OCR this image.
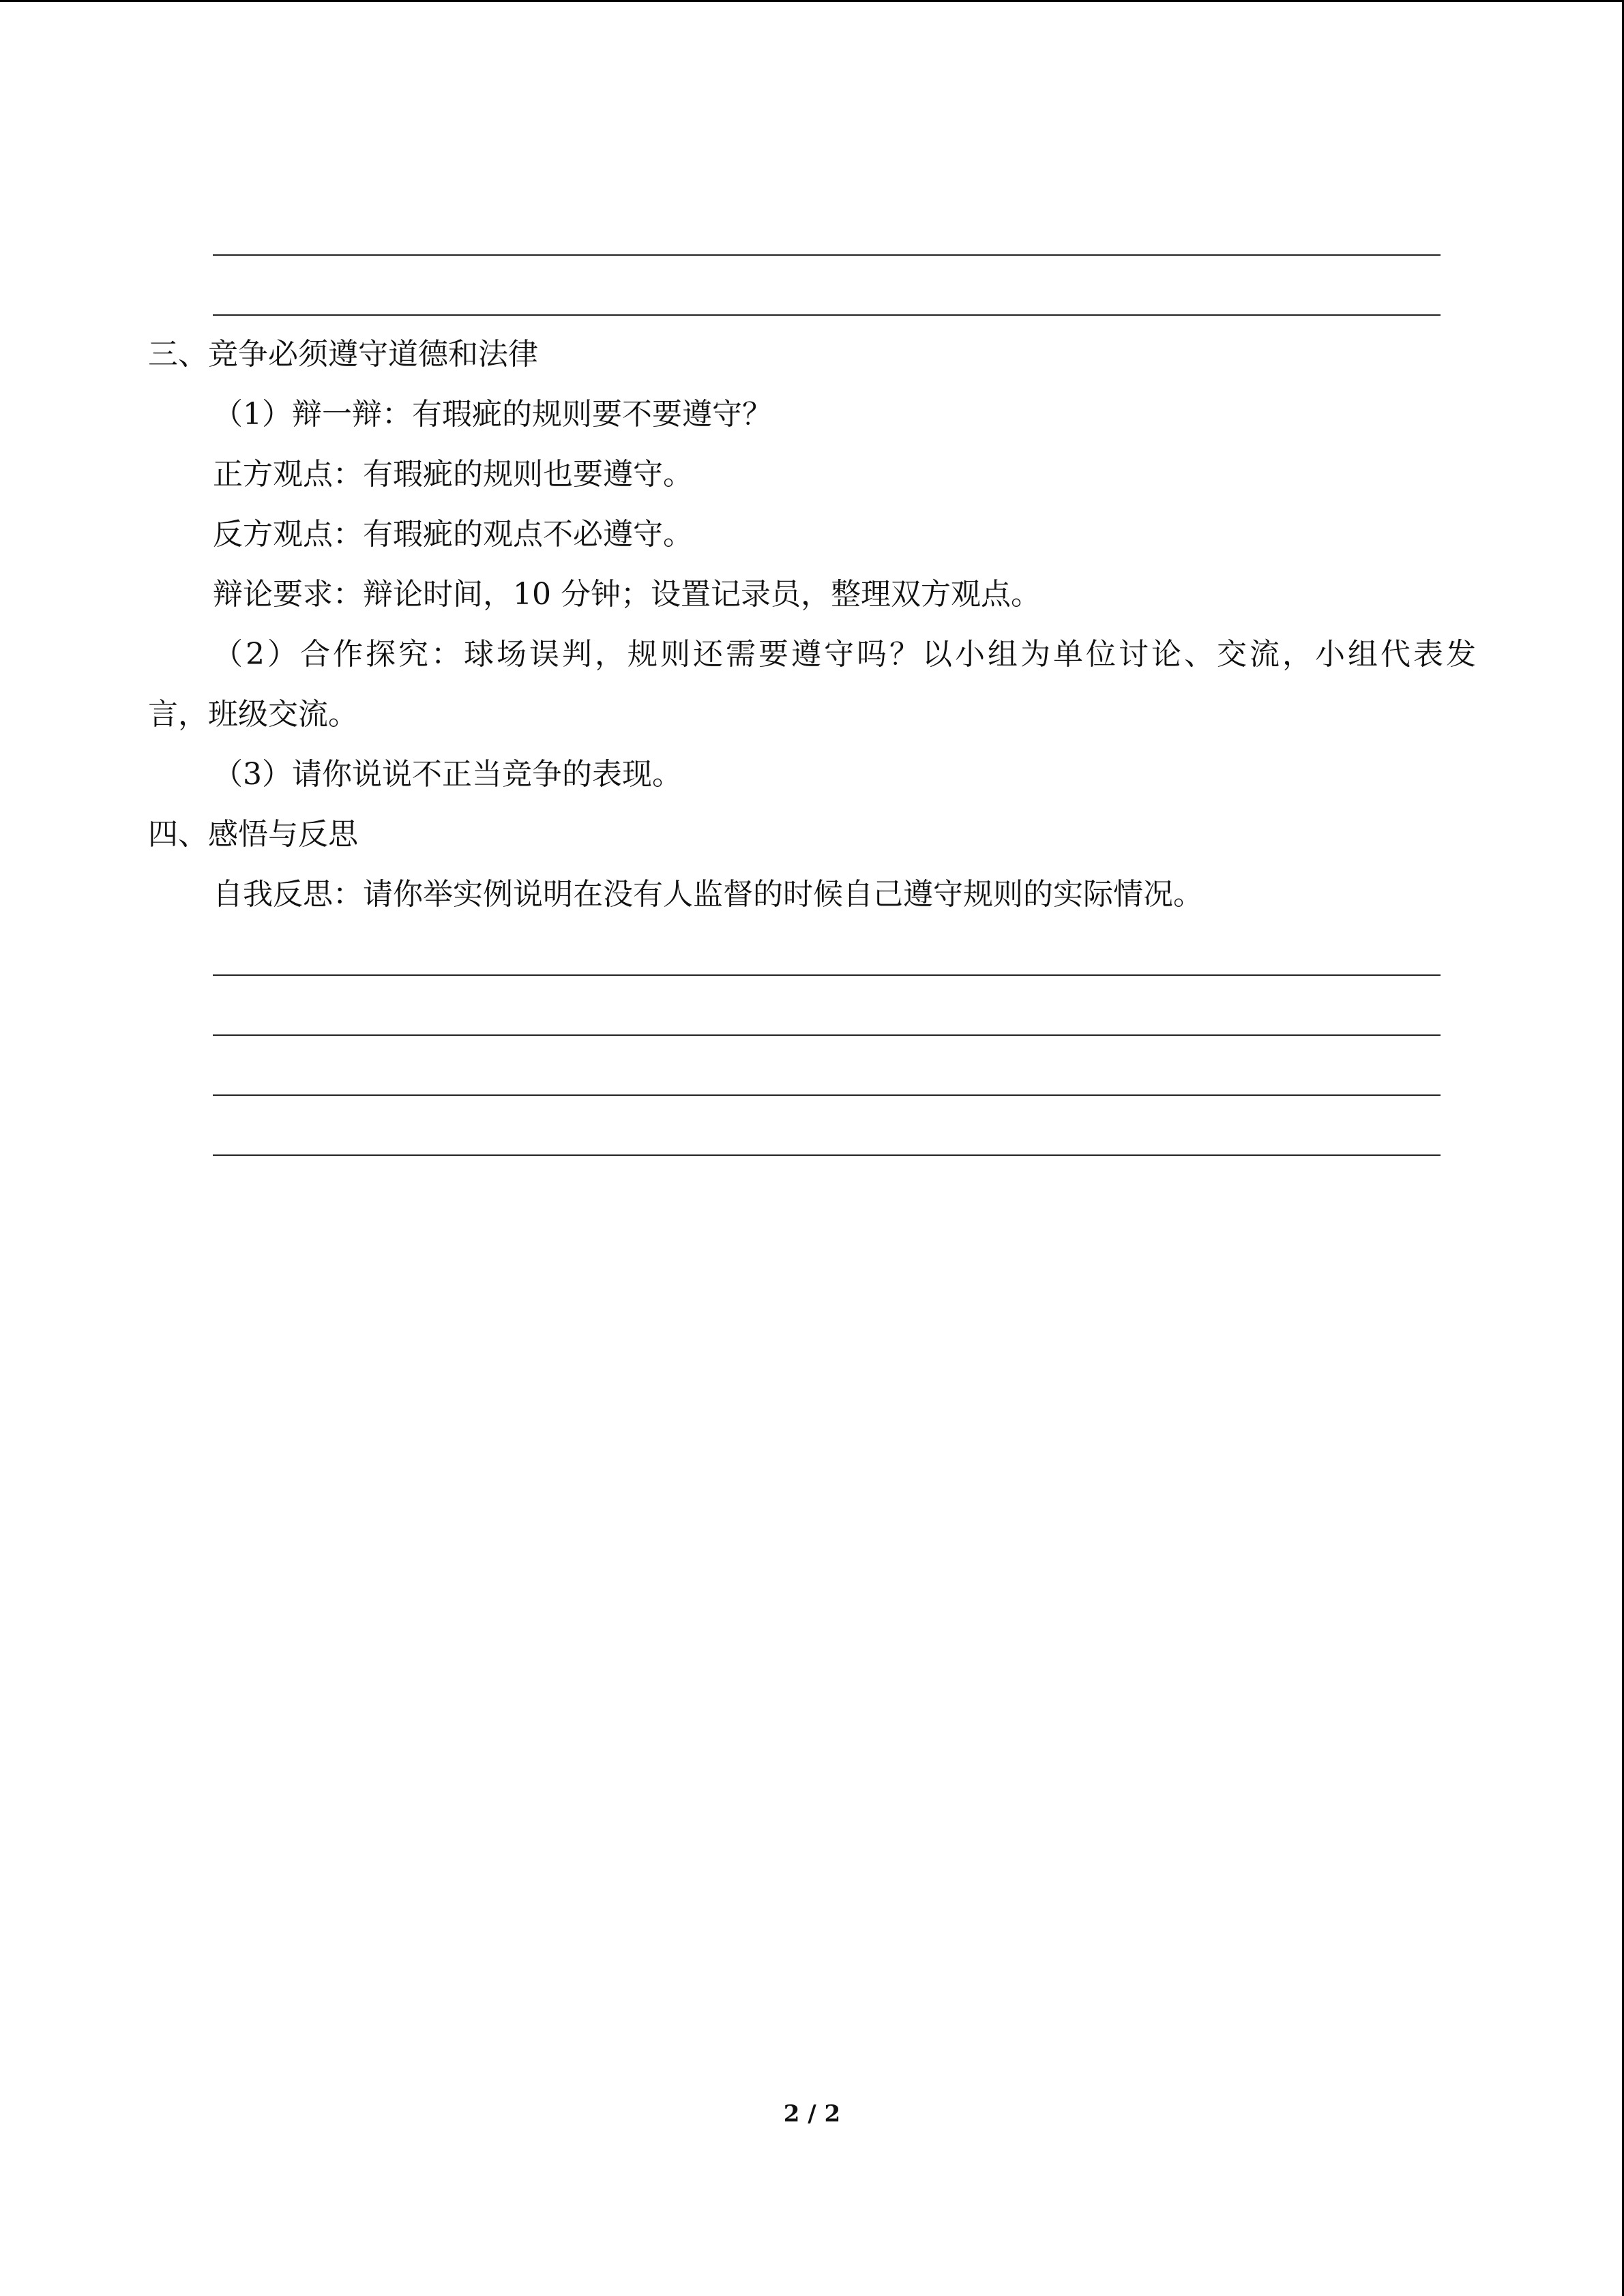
三、竞争必须遵守道德和法律
（1）辩一辩：有瑕疵的规则要不要遵守？
正方观点：有瑕疵的规则也要遵守。
反方观点：有瑕疵的观点不必遵守。
辩论要求：辩论时间，10 分钟；设置记录员，整理双方观点。
（2）合作探究：球场误判，规则还需要遵守吗？以小组为单位讨论、交流，小组代表发
言，班级交流。
（3）请你说说不正当竞争的表现。
四、感悟与反思
自我反思：请你举实例说明在没有人监督的时候自己遵守规则的实际情况。
2 / 2
